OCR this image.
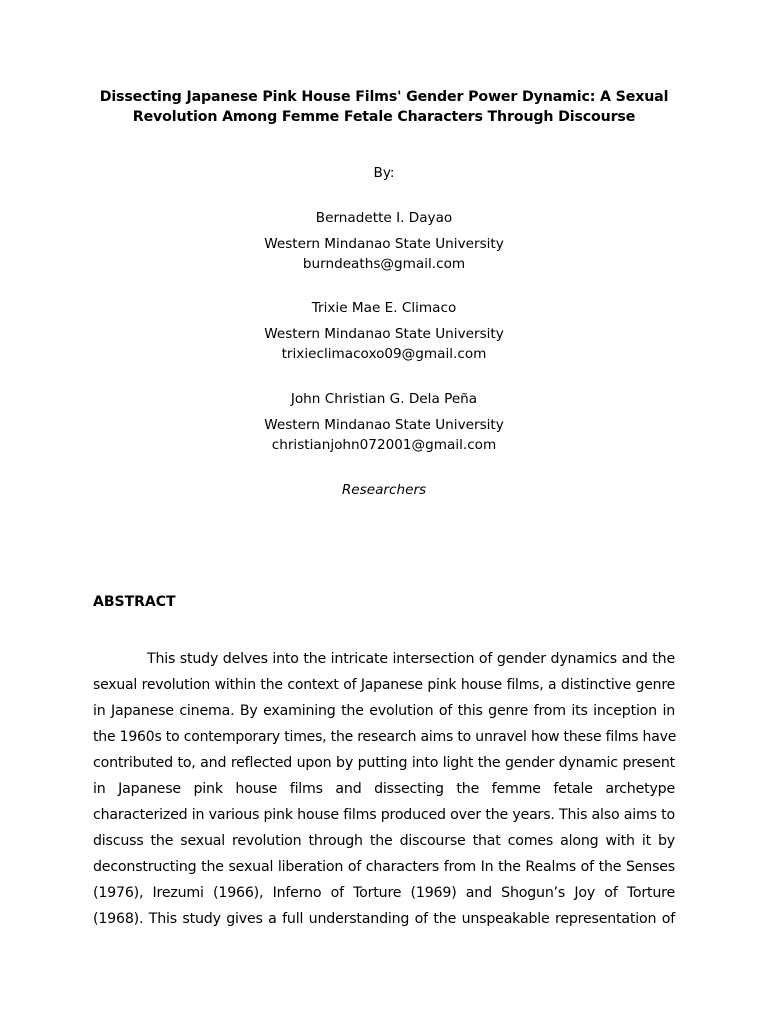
Dissecting Japanese Pink House Films' Gender Power Dynamic: A Sexual
Revolution Among Femme Fetale Characters Through Discourse
By:
Bernadette I. Dayao
Western Mindanao State University
burndeaths@gmail.com
Trixie Mae E. Climaco
Western Mindanao State University
trixieclimacoxo09@gmail.com
John Christian G. Dela Peña
Western Mindanao State University
christianjohn072001@gmail.com
Researchers
ABSTRACT
This study delves into the intricate intersection of gender dynamics and the
sexual revolution within the context of Japanese pink house films, a distinctive genre
in Japanese cinema. By examining the evolution of this genre from its inception in
the 1960s to contemporary times, the research aims to unravel how these films have
contributed to, and reflected upon by putting into light the gender dynamic present
in Japanese pink house films and dissecting the femme fetale archetype
characterized in various pink house films produced over the years. This also aims to
discuss the sexual revolution through the discourse that comes along with it by
deconstructing the sexual liberation of characters from In the Realms of the Senses
(1976), Irezumi (1966), Inferno of Torture (1969) and Shogun’s Joy of Torture
(1968). This study gives a full understanding of the unspeakable representation of
